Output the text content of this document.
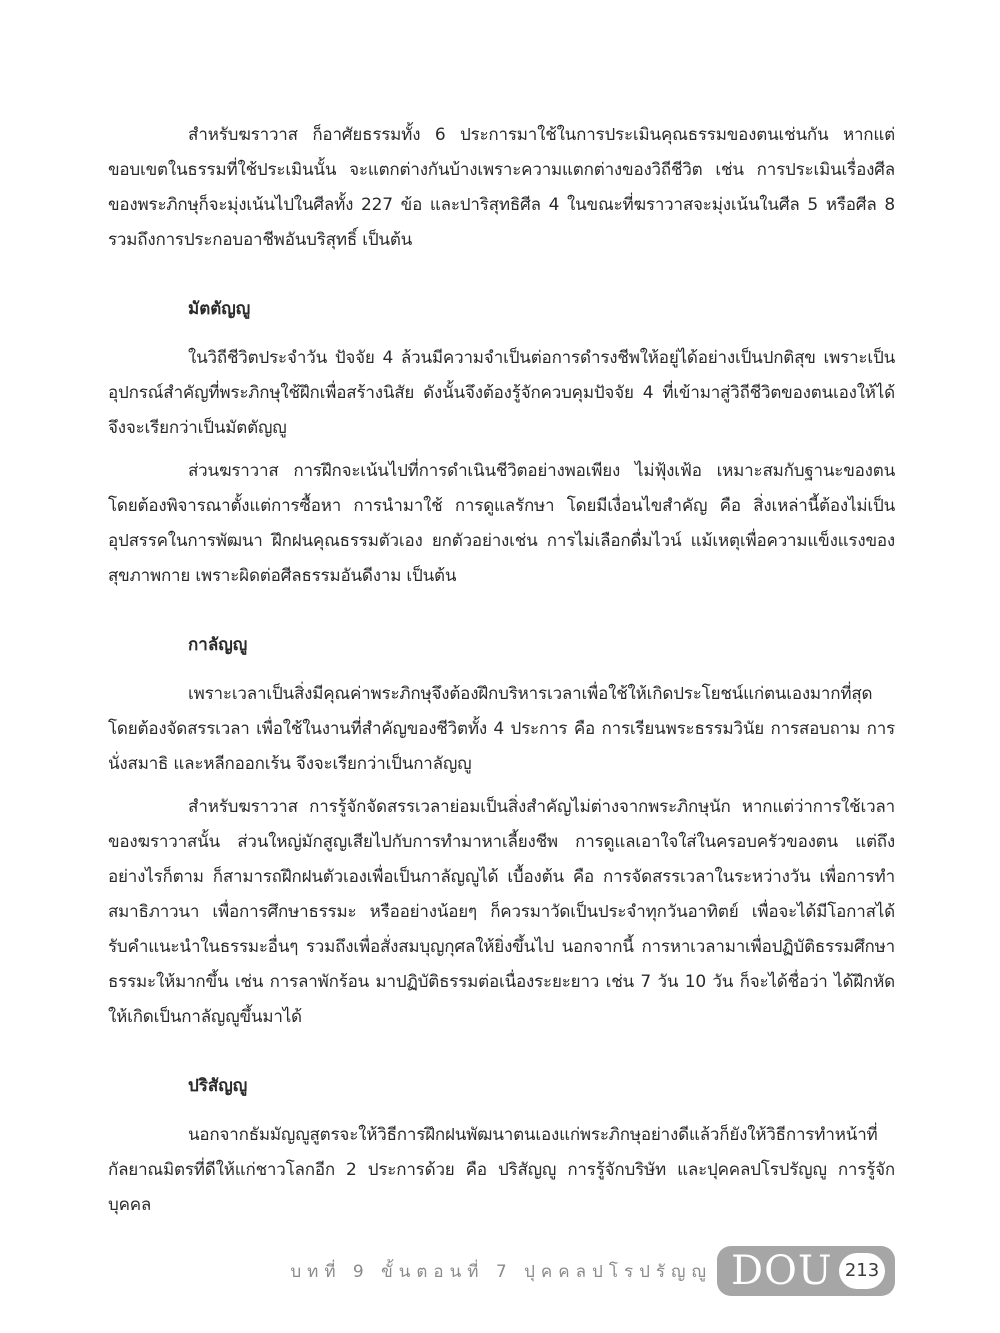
สำหรับฆราวาส ก็อาศัยธรรมทั้ง 6 ประการมาใช้ในการประเมินคุณธรรมของตนเช่นกัน หากแต่ขอบเขตในธรรมที่ใช้ประเมินนั้น จะแตกต่างกันบ้างเพราะความแตกต่างของวิถีชีวิต เช่น การประเมินเรื่องศีลของพระภิกษุก็จะมุ่งเน้นไปในศีลทั้ง 227 ข้อ และปาริสุทธิศีล 4 ในขณะที่ฆราวาสจะมุ่งเน้นในศีล 5 หรือศีล 8 รวมถึงการประกอบอาชีพอันบริสุทธิ์ เป็นต้น

มัตตัญญู

ในวิถีชีวิตประจำวัน ปัจจัย 4 ล้วนมีความจำเป็นต่อการดำรงชีพให้อยู่ได้อย่างเป็นปกติสุข เพราะเป็นอุปกรณ์สำคัญที่พระภิกษุใช้ฝึกเพื่อสร้างนิสัย ดังนั้นจึงต้องรู้จักควบคุมปัจจัย 4 ที่เข้ามาสู่วิถีชีวิตของตนเองให้ได้ จึงจะเรียกว่าเป็นมัตตัญญู

ส่วนฆราวาส การฝึกจะเน้นไปที่การดำเนินชีวิตอย่างพอเพียง ไม่ฟุ้งเฟ้อ เหมาะสมกับฐานะของตน โดยต้องพิจารณาตั้งแต่การซื้อหา การนำมาใช้ การดูแลรักษา โดยมีเงื่อนไขสำคัญ คือ สิ่งเหล่านี้ต้องไม่เป็นอุปสรรคในการพัฒนา ฝึกฝนคุณธรรมตัวเอง ยกตัวอย่างเช่น การไม่เลือกดื่มไวน์ แม้เหตุเพื่อความแข็งแรงของสุขภาพกาย เพราะผิดต่อศีลธรรมอันดีงาม เป็นต้น

กาลัญญู

เพราะเวลาเป็นสิ่งมีคุณค่าพระภิกษุจึงต้องฝึกบริหารเวลาเพื่อใช้ให้เกิดประโยชน์แก่ตนเองมากที่สุด โดยต้องจัดสรรเวลา เพื่อใช้ในงานที่สำคัญของชีวิตทั้ง 4 ประการ คือ การเรียนพระธรรมวินัย การสอบถาม การนั่งสมาธิ และหลีกออกเร้น จึงจะเรียกว่าเป็นกาลัญญู

สำหรับฆราวาส การรู้จักจัดสรรเวลาย่อมเป็นสิ่งสำคัญไม่ต่างจากพระภิกษุนัก หากแต่ว่าการใช้เวลาของฆราวาสนั้น ส่วนใหญ่มักสูญเสียไปกับการทำมาหาเลี้ยงชีพ การดูแลเอาใจใส่ในครอบครัวของตน แต่ถึงอย่างไรก็ตาม ก็สามารถฝึกฝนตัวเองเพื่อเป็นกาลัญญูได้ เบื้องต้น คือ การจัดสรรเวลาในระหว่างวัน เพื่อการทำสมาธิภาวนา เพื่อการศึกษาธรรมะ หรืออย่างน้อยๆ ก็ควรมาวัดเป็นประจำทุกวันอาทิตย์ เพื่อจะได้มีโอกาสได้รับคำแนะนำในธรรมะอื่นๆ รวมถึงเพื่อสั่งสมบุญกุศลให้ยิ่งขึ้นไป นอกจากนี้ การหาเวลามาเพื่อปฏิบัติธรรมศึกษาธรรมะให้มากขึ้น เช่น การลาพักร้อน มาปฏิบัติธรรมต่อเนื่องระยะยาว เช่น 7 วัน 10 วัน ก็จะได้ชื่อว่า ได้ฝึกหัดให้เกิดเป็นกาลัญญูขึ้นมาได้

ปริสัญญู

นอกจากธัมมัญญูสูตรจะให้วิธีการฝึกฝนพัฒนาตนเองแก่พระภิกษุอย่างดีแล้วก็ยังให้วิธีการทำหน้าที่กัลยาณมิตรที่ดีให้แก่ชาวโลกอีก 2 ประการด้วย คือ ปริสัญญู การรู้จักบริษัท และปุคคลปโรปรัญญู การรู้จักบุคคล

บทที่ 9 ขั้นตอนที่ 7 ปุคคลปโรปรัญญู DOU 213
